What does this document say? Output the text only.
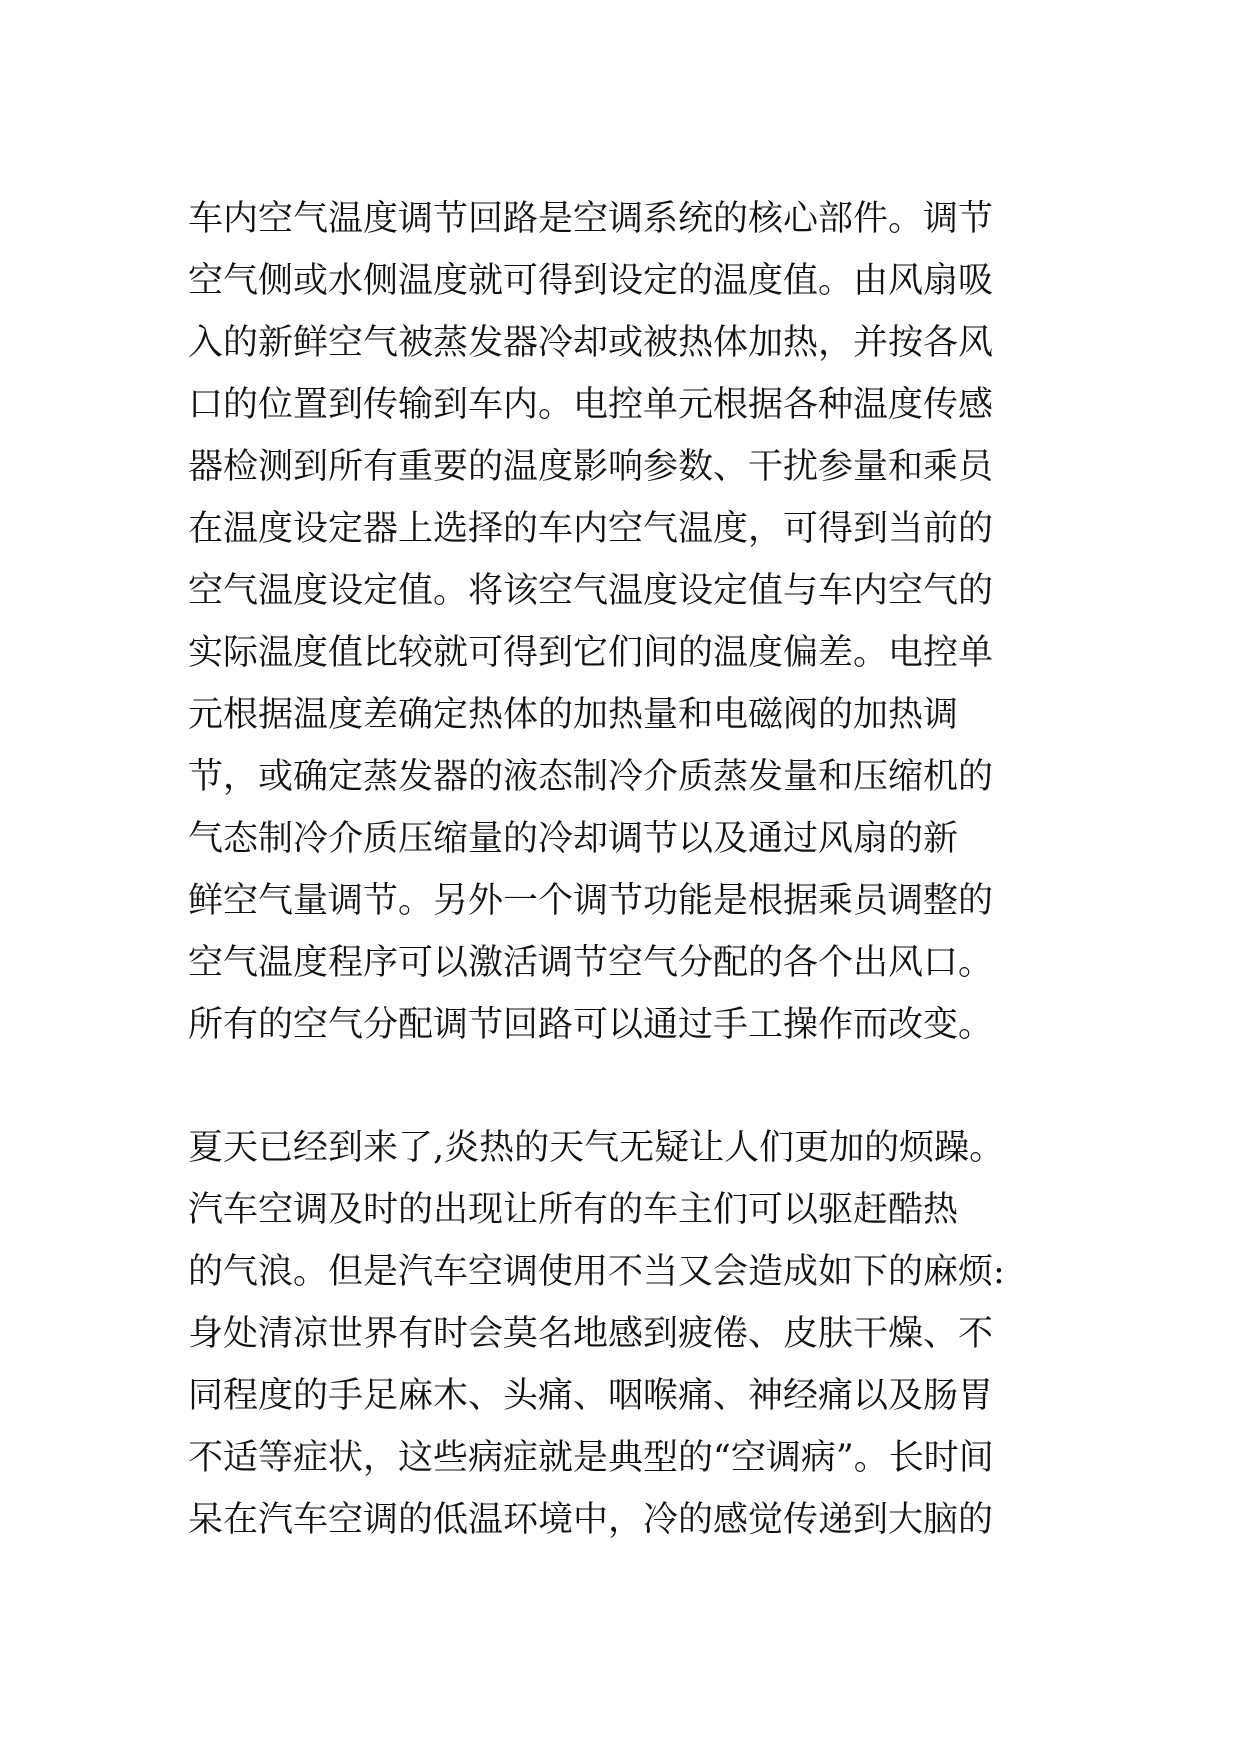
车内空气温度调节回路是空调系统的核心部件。调节
空气侧或水侧温度就可得到设定的温度值。由风扇吸
入的新鲜空气被蒸发器冷却或被热体加热，并按各风
口的位置到传输到车内。电控单元根据各种温度传感
器检测到所有重要的温度影响参数、干扰参量和乘员
在温度设定器上选择的车内空气温度，可得到当前的
空气温度设定值。将该空气温度设定值与车内空气的
实际温度值比较就可得到它们间的温度偏差。电控单
元根据温度差确定热体的加热量和电磁阀的加热调
节，或确定蒸发器的液态制冷介质蒸发量和压缩机的
气态制冷介质压缩量的冷却调节以及通过风扇的新
鲜空气量调节。另外一个调节功能是根据乘员调整的
空气温度程序可以激活调节空气分配的各个出风口。
所有的空气分配调节回路可以通过手工操作而改变。
夏天已经到来了,炎热的天气无疑让人们更加的烦躁。
汽车空调及时的出现让所有的车主们可以驱赶酷热
的气浪。但是汽车空调使用不当又会造成如下的麻烦:
身处清凉世界有时会莫名地感到疲倦、皮肤干燥、不
同程度的手足麻木、头痛、咽喉痛、神经痛以及肠胃
不适等症状，这些病症就是典型的“空调病”。长时间
呆在汽车空调的低温环境中，冷的感觉传递到大脑的
